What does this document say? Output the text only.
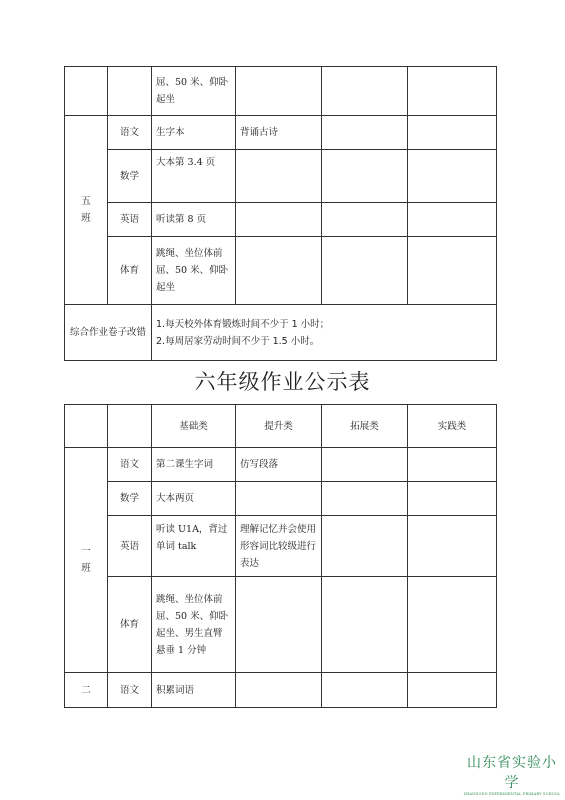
		屈、50 米、仰卧起坐			
五
班	语文	生字本	背诵古诗		
	数学	大本第 3.4 页			
	英语	听读第 8 页			
	体育	跳绳、坐位体前屈、50 米、仰卧起坐			
综合作业卷子改错		1.每天校外体育锻炼时间不少于 1 小时；
2.每周居家劳动时间不少于 1.5 小时。			
六年级作业公示表
		基础类	提升类	拓展类	实践类
一
班	语文	第二课生字词	仿写段落		
	数学	大本两页			
	英语	听读 U1A，背过单词 talk	理解记忆并会使用形容词比较级进行表达		
	体育	跳绳、坐位体前屈、50 米、仰卧起坐、男生直臂悬垂 1 分钟			
二	语文	积累词语			
山东省实验小学
SHANDONG EXPERIMENTAL PRIMARY SCHOOL
